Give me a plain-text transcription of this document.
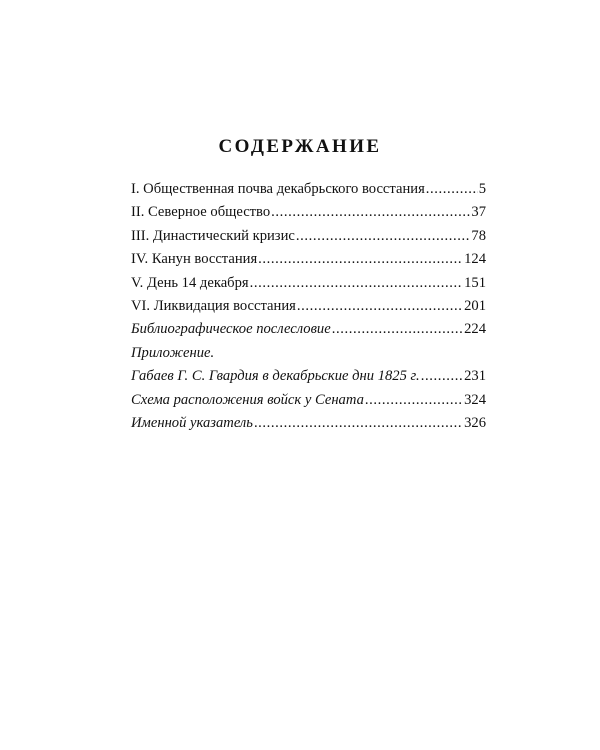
СОДЕРЖАНИЕ
I. Общественная почва декабрьского восстания .....	5
II. Северное общество .....	37
III. Династический кризис .....	78
IV. Канун восстания .....	124
V. День 14 декабря .....	151
VI. Ликвидация восстания .....	201
Библиографическое послесловие .....	224
Приложение.
Габаев Г. С. Гвардия в декабрьские дни 1825 г. .....	231
Схема расположения войск у Сената .....	324
Именной указатель .....	326
